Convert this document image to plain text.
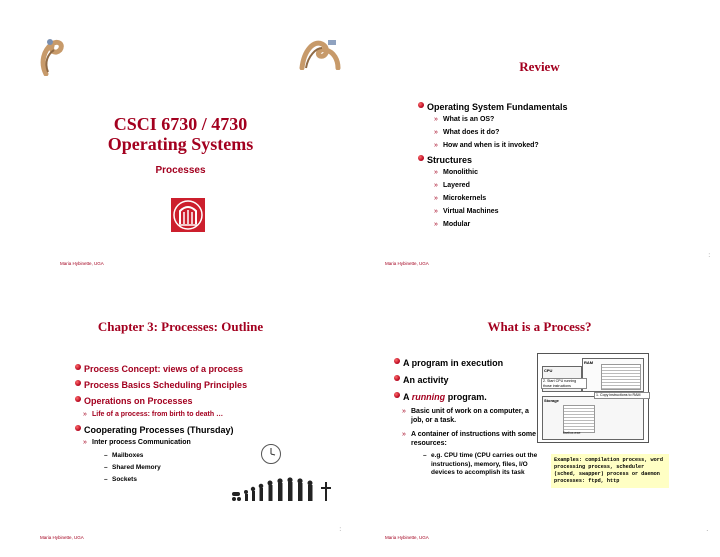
CSCI 6730 / 4730
Operating Systems
Processes
Maria Hybinette, UGA
Review
Operating System Fundamentals
» What is an OS?
» What does it do?
» How and when is it invoked?
Structures
» Monolithic
» Layered
» Microkernels
» Virtual Machines
» Modular
Maria Hybinette, UGA
:
Chapter 3: Processes: Outline
Process Concept: views of a process
Process Basics Scheduling Principles
Operations on Processes
» Life of a process: from birth to death …
Cooperating Processes (Thursday)
» Inter process Communication
– Mailboxes
– Shared Memory
– Sockets
Maria Hybinette, UGA
:
What is a Process?
A program in execution
An activity
A running program.
» Basic unit of work on a computer, a job, or a task.
» A container of instructions with some resources:
– e.g. CPU time (CPU carries out the instructions), memory, files, I/O devices to accomplish its task
CPU
RAM
2. Start CPU running those instructions
Storage
firefox.exe
1. Copy instructions to RAM
Examples: compilation process, word processing process, scheduler (sched, swapper) process or daemon processes: ftpd, http
Maria Hybinette, UGA
.
